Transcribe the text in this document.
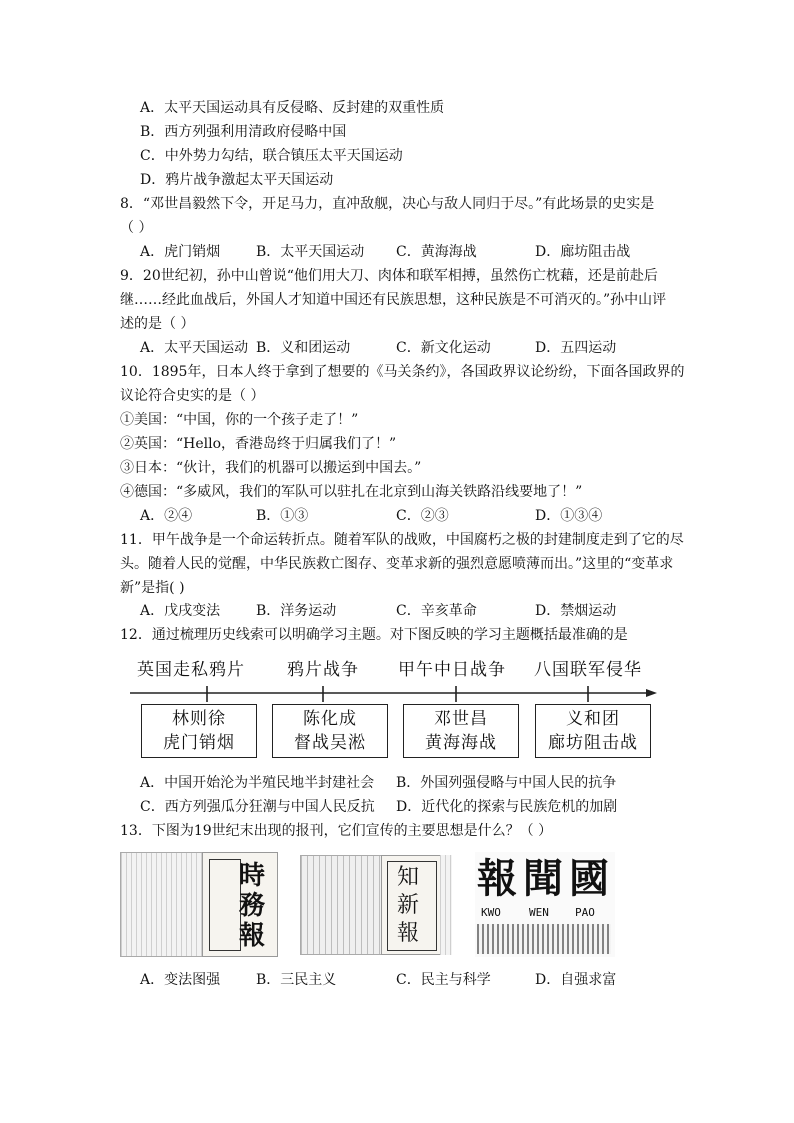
A．太平天国运动具有反侵略、反封建的双重性质
B．西方列强利用清政府侵略中国
C．中外势力勾结，联合镇压太平天国运动
D．鸦片战争激起太平天国运动
8．“邓世昌毅然下令，开足马力，直冲敌舰，决心与敌人同归于尽。”有此场景的史实是
（ ）
A．虎门销烟	B．太平天国运动 C．黄海海战	D．廊坊阻击战
9．20世纪初，孙中山曾说“他们用大刀、肉体和联军相搏，虽然伤亡枕藉，还是前赴后
继……经此血战后，外国人才知道中国还有民族思想，这种民族是不可消灭的。”孙中山评
述的是（ ）
A．太平天国运动 B．义和团运动	C．新文化运动	D．五四运动
10．1895年，日本人终于拿到了想要的《马关条约》，各国政界议论纷纷，下面各国政界的
议论符合史实的是（ ）
①美国：“中国，你的一个孩子走了！”
②英国：“Hello，香港岛终于归属我们了！”
③日本：“伙计，我们的机器可以搬运到中国去。”
④德国：“多威风，我们的军队可以驻扎在北京到山海关铁路沿线要地了！”
A．②④	B．①③	C．②③	D．①③④
11．甲午战争是一个命运转折点。随着军队的战败，中国腐朽之极的封建制度走到了它的尽
头。随着人民的觉醒，中华民族救亡图存、变革求新的强烈意愿喷薄而出。”这里的“变革求
新”是指( )
A．戊戌变法	B．洋务运动	C．辛亥革命	D．禁烟运动
12．通过梳理历史线索可以明确学习主题。对下图反映的学习主题概括最准确的是
英国走私鸦片 鸦片战争 甲午中日战争 八国联军侵华
林则徐
虎门销烟
陈化成
督战吴淞
邓世昌
黄海海战
义和团
廊坊阻击战
A．中国开始沦为半殖民地半封建社会 B．外国列强侵略与中国人民的抗争
C．西方列强瓜分狂潮与中国人民反抗 D．近代化的探索与民族危机的加剧
13．下图为19世纪末出现的报刊，它们宣传的主要思想是什么？（ ）
時
務
報
知
新
報
報 聞 國
KWO	WEN PAO
A．变法图强	B．三民主义	C．民主与科学	D．自强求富
